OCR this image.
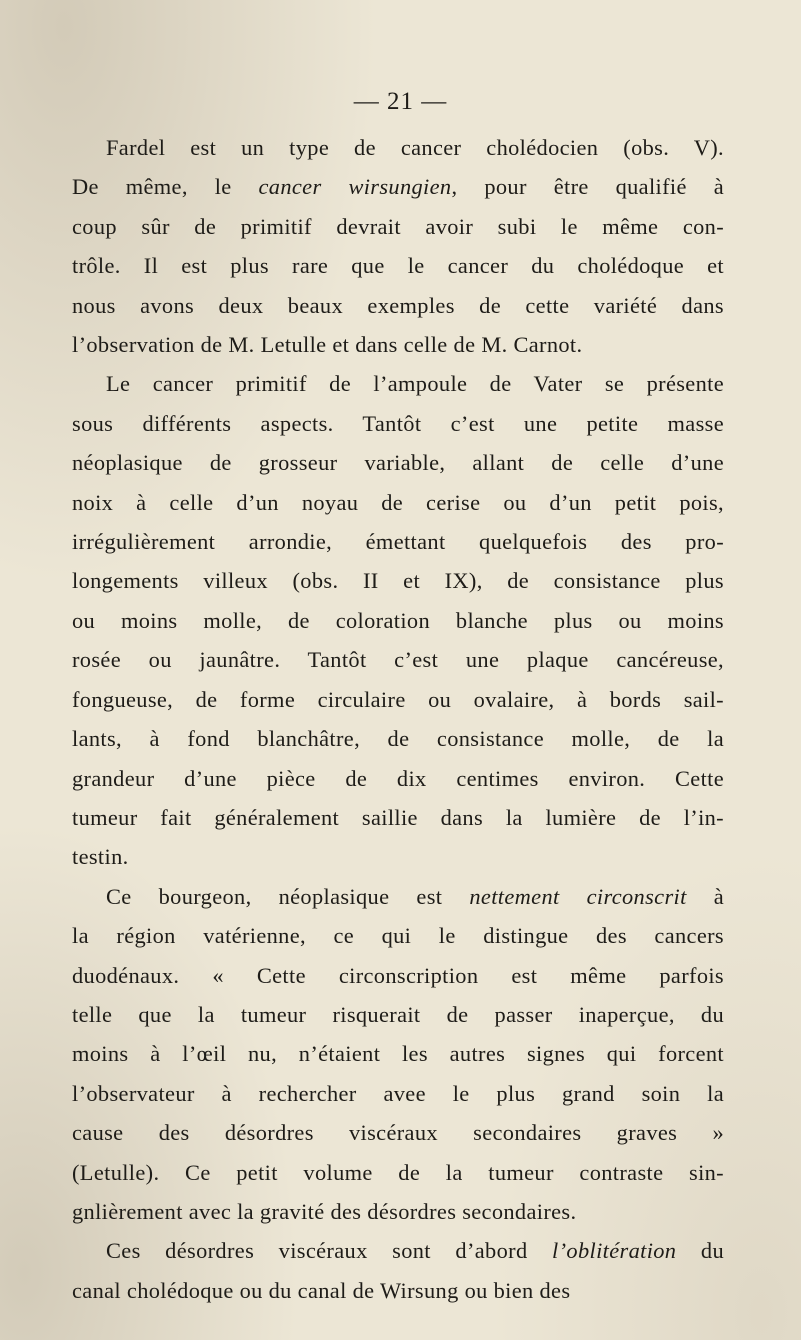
— 21 —

Fardel est un type de cancer cholédocien (obs. V).
De même, le cancer wirsungien, pour être qualifié à
coup sûr de primitif devrait avoir subi le même con-
trôle. Il est plus rare que le cancer du cholédoque et
nous avons deux beaux exemples de cette variété dans
l’observation de M. Letulle et dans celle de M. Carnot.

Le cancer primitif de l’ampoule de Vater se présente
sous différents aspects. Tantôt c’est une petite masse
néoplasique de grosseur variable, allant de celle d’une
noix à celle d’un noyau de cerise ou d’un petit pois,
irrégulièrement arrondie, émettant quelquefois des pro-
longements villeux (obs. II et IX), de consistance plus
ou moins molle, de coloration blanche plus ou moins
rosée ou jaunâtre. Tantôt c’est une plaque cancéreuse,
fongueuse, de forme circulaire ou ovalaire, à bords sail-
lants, à fond blanchâtre, de consistance molle, de la
grandeur d’une pièce de dix centimes environ. Cette
tumeur fait généralement saillie dans la lumière de l’in-
testin.

Ce bourgeon, néoplasique est nettement circonscrit à
la région vatérienne, ce qui le distingue des cancers
duodénaux. « Cette circonscription est même parfois
telle que la tumeur risquerait de passer inaperçue, du
moins à l’œil nu, n’étaient les autres signes qui forcent
l’observateur à rechercher avee le plus grand soin la
cause des désordres viscéraux secondaires graves »
(Letulle). Ce petit volume de la tumeur contraste sin-
gnlièrement avec la gravité des désordres secondaires.

Ces désordres viscéraux sont d’abord l’oblitération du
canal cholédoque ou du canal de Wirsung ou bien des
